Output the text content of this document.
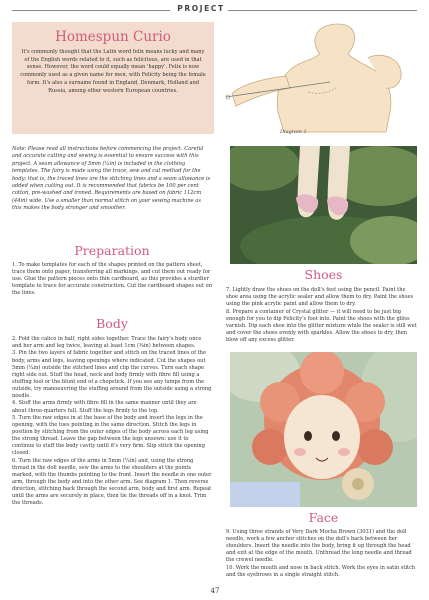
PROJECT
Homespun Curio

It's commonly thought that the Latin word felix means lucky and many of the English words related to it, such as felicitous, are used in that sense. However, the word could equally mean 'happy'. Felix is now commonly used as a given name for men, with Felicity being the female form. It's also a surname found in England, Denmark, Holland and Russia, among other western European countries.

Diagram 1
Note: Please read all instructions before commencing the project. Careful and accurate cutting and sewing is essential to ensure success with this project. A seam allowance of 5mm (¼in) is included in the clothing templates. The fairy is made using the trace, sew and cut method for the body; that is, the traced lines are the stitching lines and a seam allowance is added when cutting out. It is recommended that fabrics be 100 per cent cotton, pre-washed and ironed. Requirements are based on fabric 112cm (44in) wide. Use a smaller than normal stitch on your sewing machine as this makes the body stronger and smoother.
Preparation

1. To make templates for each of the shapes printed on the pattern sheet, trace them onto paper, transferring all markings, and cut them out ready for use. Glue the pattern pieces onto thin cardboard, as this provides a sturdier template to trace for accurate construction. Cut the cardboard shapes out on the lines.

Body

2. Fold the calico in half, right sides together. Trace the fairy's body once and her arm and leg twice, leaving at least 1cm (⅜in) between shapes.

3. Pin the two layers of fabric together and stitch on the traced lines of the body, arms and legs, leaving openings where indicated. Cut the shapes out 5mm (¼in) outside the stitched lines and clip the curves. Turn each shape right side out. Stuff the head, neck and body firmly with fibre fill using a stuffing tool or the blunt end of a chopstick. If you see any lumps from the outside, try manoeuvring the stuffing around from the outside using a strong needle.

4. Stuff the arms firmly with fibre fill in the same manner until they are about three-quarters full. Stuff the legs firmly to the top.

5. Turn the raw edges in at the base of the body and insert the legs in the opening, with the toes pointing in the same direction. Stitch the legs in position by stitching from the outer edges of the body across each leg using the strong thread. Leave the gap between the legs unsewn: use it to continue to stuff the body cavity until it's very firm. Slip stitch the opening closed.

6. Turn the raw edges of the arms in 5mm (¼in) and, using the strong thread in the doll needle, sew the arms to the shoulders at the points marked, with the thumbs pointing to the front. Insert the needle in one outer arm, through the body and into the other arm. See diagram 1. Then reverse direction, stitching back through the second arm, body and first arm. Repeat until the arms are securely in place, then tie the threads off in a knot. Trim the threads.

Shoes

7. Lightly draw the shoes on the doll's feet using the pencil. Paint the shoe area using the acrylic sealer and allow them to dry. Paint the shoes using the pink acrylic paint and allow them to dry.

8. Prepare a container of Crystal glitter — it will need to be just big enough for you to dip Felicity's foot into. Paint the shoes with the glöss varnish. Dip each shoe into the glitter mixture while the sealer is still wet and cover the shoes evenly with sparkles. Allow the shoes to dry, then blow off any excess glitter.

Face

9. Using three strands of Very Dark Mocha Brown (3031) and the doll needle, work a few anchor stitches on the doll's back between her shoulders. Insert the needle into the body, bring it up through the head and exit at the edge of the mouth. Unthread the long needle and thread the crewel needle.

10. Work the mouth and nose in back stitch. Work the eyes in satin stitch and the eyebrows in a single straight stitch.

47
